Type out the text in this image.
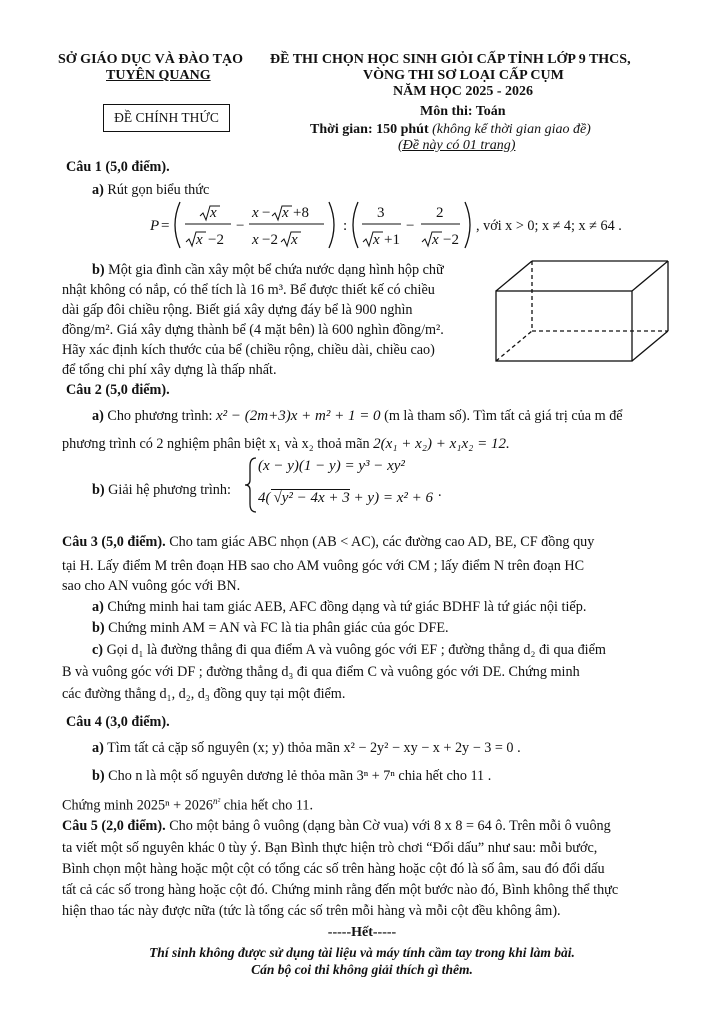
SỞ GIÁO DỤC VÀ ĐÀO TẠO
TUYÊN QUANG
ĐỀ CHÍNH THỨC
ĐỀ THI CHỌN HỌC SINH GIỎI CẤP TỈNH LỚP 9 THCS,
VÒNG THI SƠ LOẠI CẤP CỤM
NĂM HỌC 2025 - 2026
Môn thi: Toán
Thời gian: 150 phút (không kể thời gian giao đề)
(Đề này có 01 trang)
Câu 1 (5,0 điểm).
a) Rút gọn biểu thức
P =
x
x −2
−
x − x +8
x −2 x
:
3
x +1
−
2
x −2
, với x > 0; x ≠ 4; x ≠ 64 .
b) Một gia đình cần xây một bể chứa nước dạng hình hộp chữ
nhật không có nắp, có thể tích là 16 m³. Bể được thiết kế có chiều
dài gấp đôi chiều rộng. Biết giá xây dựng đáy bể là 900 nghìn
đồng/m². Giá xây dựng thành bể (4 mặt bên) là 600 nghìn đồng/m².
Hãy xác định kích thước của bể (chiều rộng, chiều dài, chiều cao)
để tổng chi phí xây dựng là thấp nhất.
Câu 2 (5,0 điểm).
a) Cho phương trình: x² − (2m+3)x + m² + 1 = 0 (m là tham số). Tìm tất cả giá trị của m để
phương trình có 2 nghiệm phân biệt x₁ và x₂ thoả mãn 2(x₁ + x₂) + x₁x₂ = 12.
b) Giải hệ phương trình:
(x − y)(1 − y) = y³ − xy²
4( √y² − 4x + 3 + y) = x² + 6 .
Câu 3 (5,0 điểm). Cho tam giác ABC nhọn (AB < AC), các đường cao AD, BE, CF đồng quy
tại H. Lấy điểm M trên đoạn HB sao cho AM vuông góc với CM ; lấy điểm N trên đoạn HC
sao cho AN vuông góc với BN.
a) Chứng minh hai tam giác AEB, AFC đồng dạng và tứ giác BDHF là tứ giác nội tiếp.
b) Chứng minh AM = AN và FC là tia phân giác của góc DFE.
c) Gọi d₁ là đường thẳng đi qua điểm A và vuông góc với EF ; đường thẳng d₂ đi qua điểm
B và vuông góc với DF ; đường thẳng d₃ đi qua điểm C và vuông góc với DE. Chứng minh
các đường thẳng d₁, d₂, d₃ đồng quy tại một điểm.
Câu 4 (3,0 điểm).
a) Tìm tất cả cặp số nguyên (x; y) thỏa mãn x² − 2y² − xy − x + 2y − 3 = 0 .
b) Cho n là một số nguyên dương lẻ thỏa mãn 3ⁿ + 7ⁿ chia hết cho 11 .
Chứng minh $2025^n + 2026^{n^2}$ chia hết cho 11.
Câu 5 (2,0 điểm). Cho một bảng ô vuông (dạng bàn Cờ vua) với 8 x 8 = 64 ô. Trên mỗi ô vuông
ta viết một số nguyên khác 0 tùy ý. Bạn Bình thực hiện trò chơi “Đổi dấu” như sau: mỗi bước,
Bình chọn một hàng hoặc một cột có tổng các số trên hàng hoặc cột đó là số âm, sau đó đổi dấu
tất cả các số trong hàng hoặc cột đó. Chứng minh rằng đến một bước nào đó, Bình không thể thực
hiện thao tác này được nữa (tức là tổng các số trên mỗi hàng và mỗi cột đều không âm).
-----Hết-----
Thí sinh không được sử dụng tài liệu và máy tính cầm tay trong khi làm bài.
Cán bộ coi thi không giải thích gì thêm.
